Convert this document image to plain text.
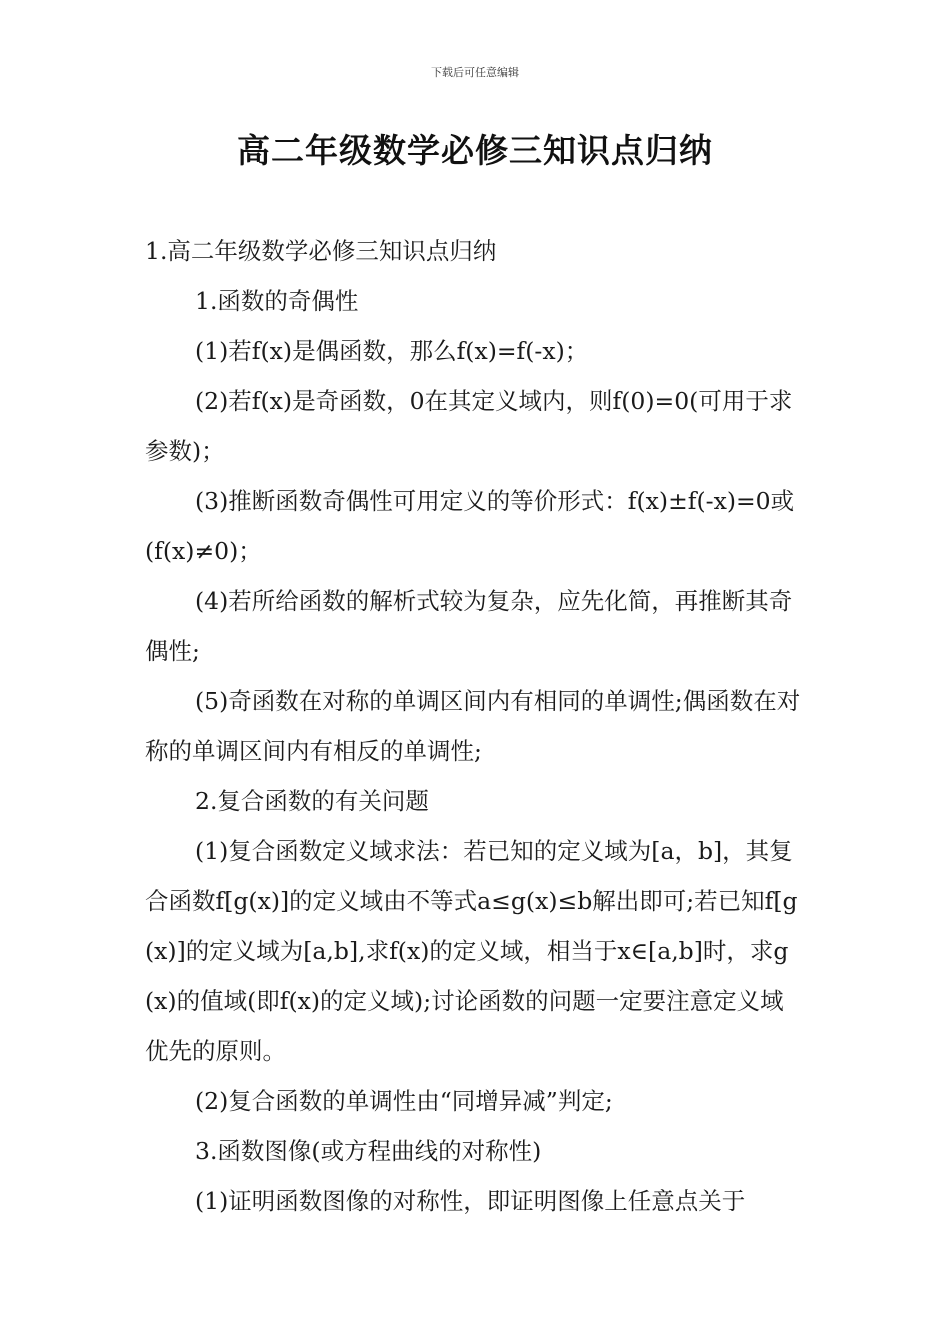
下载后可任意编辑
高二年级数学必修三知识点归纳

1.高二年级数学必修三知识点归纳

1.函数的奇偶性

(1)若f(x)是偶函数，那么f(x)=f(-x)；

(2)若f(x)是奇函数，0在其定义域内，则f(0)=0(可用于求参数)；

(3)推断函数奇偶性可用定义的等价形式：f(x)±f(-x)=0或(f(x)≠0)；

(4)若所给函数的解析式较为复杂，应先化简，再推断其奇偶性;

(5)奇函数在对称的单调区间内有相同的单调性;偶函数在对称的单调区间内有相反的单调性;

2.复合函数的有关问题

(1)复合函数定义域求法：若已知的定义域为[a，b]，其复合函数f[g(x)]的定义域由不等式a≤g(x)≤b解出即可;若已知f[g(x)]的定义域为[a,b],求f(x)的定义域，相当于x∈[a,b]时，求g(x)的值域(即f(x)的定义域);讨论函数的问题一定要注意定义域优先的原则。

(2)复合函数的单调性由“同增异减”判定;

3.函数图像(或方程曲线的对称性)

(1)证明函数图像的对称性，即证明图像上任意点关于
